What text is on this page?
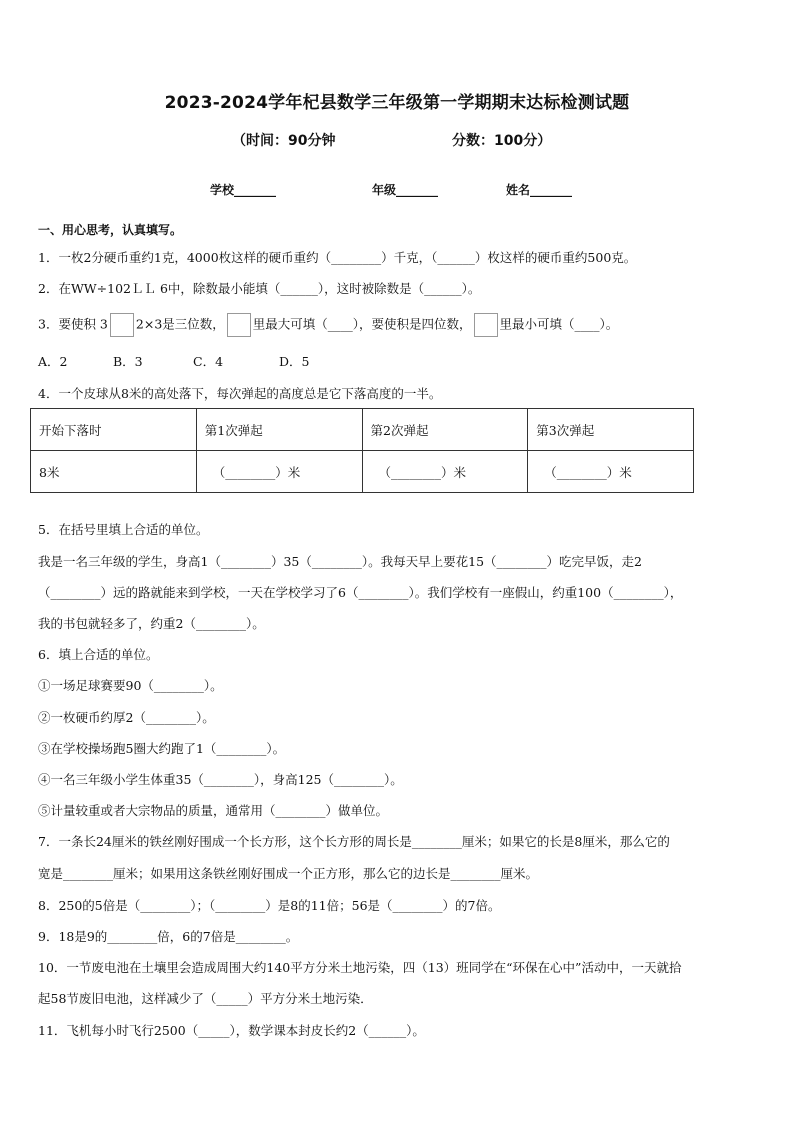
2023-2024学年杞县数学三年级第一学期期末达标检测试题
（时间：90分钟	分数：100分）
学校_______	年级_______	姓名_______
一、用心思考，认真填写。
1．一枚2分硬币重约1克，4000枚这样的硬币重约（________）千克，（______）枚这样的硬币重约500克。
2．在WW÷102ＬＬ 6中，除数最小能填（______），这时被除数是（______）。
3．要使积 3 2×3是三位数， 里最大可填（____），要使积是四位数， 里最小可填（____）。
A．2	B．3	C．4	D．5
4．一个皮球从8米的高处落下，每次弹起的高度总是它下落高度的一半。
开始下落时	第1次弹起	第2次弹起	第3次弹起
8米	（________）米	（________）米	（________）米
5．在括号里填上合适的单位。
我是一名三年级的学生，身高1（________）35（________）。我每天早上要花15（________）吃完早饭，走2
（________）远的路就能来到学校，一天在学校学习了6（________）。我们学校有一座假山，约重100（________），
我的书包就轻多了，约重2（________）。
6．填上合适的单位。
①一场足球赛要90（________）。
②一枚硬币约厚2（________）。
③在学校操场跑5圈大约跑了1（________）。
④一名三年级小学生体重35（________），身高125（________）。
⑤计量较重或者大宗物品的质量，通常用（________）做单位。
7．一条长24厘米的铁丝刚好围成一个长方形，这个长方形的周长是________厘米；如果它的长是8厘米，那么它的
宽是________厘米；如果用这条铁丝刚好围成一个正方形，那么它的边长是________厘米。
8．250的5倍是（________）；（________）是8的11倍；56是（________）的7倍。
9．18是9的________倍，6的7倍是________。
10．一节废电池在土壤里会造成周围大约140平方分米土地污染，四（13）班同学在“环保在心中”活动中，一天就拾
起58节废旧电池，这样减少了（_____）平方分米土地污染．
11．飞机每小时飞行2500（_____），数学课本封皮长约2（______）。
